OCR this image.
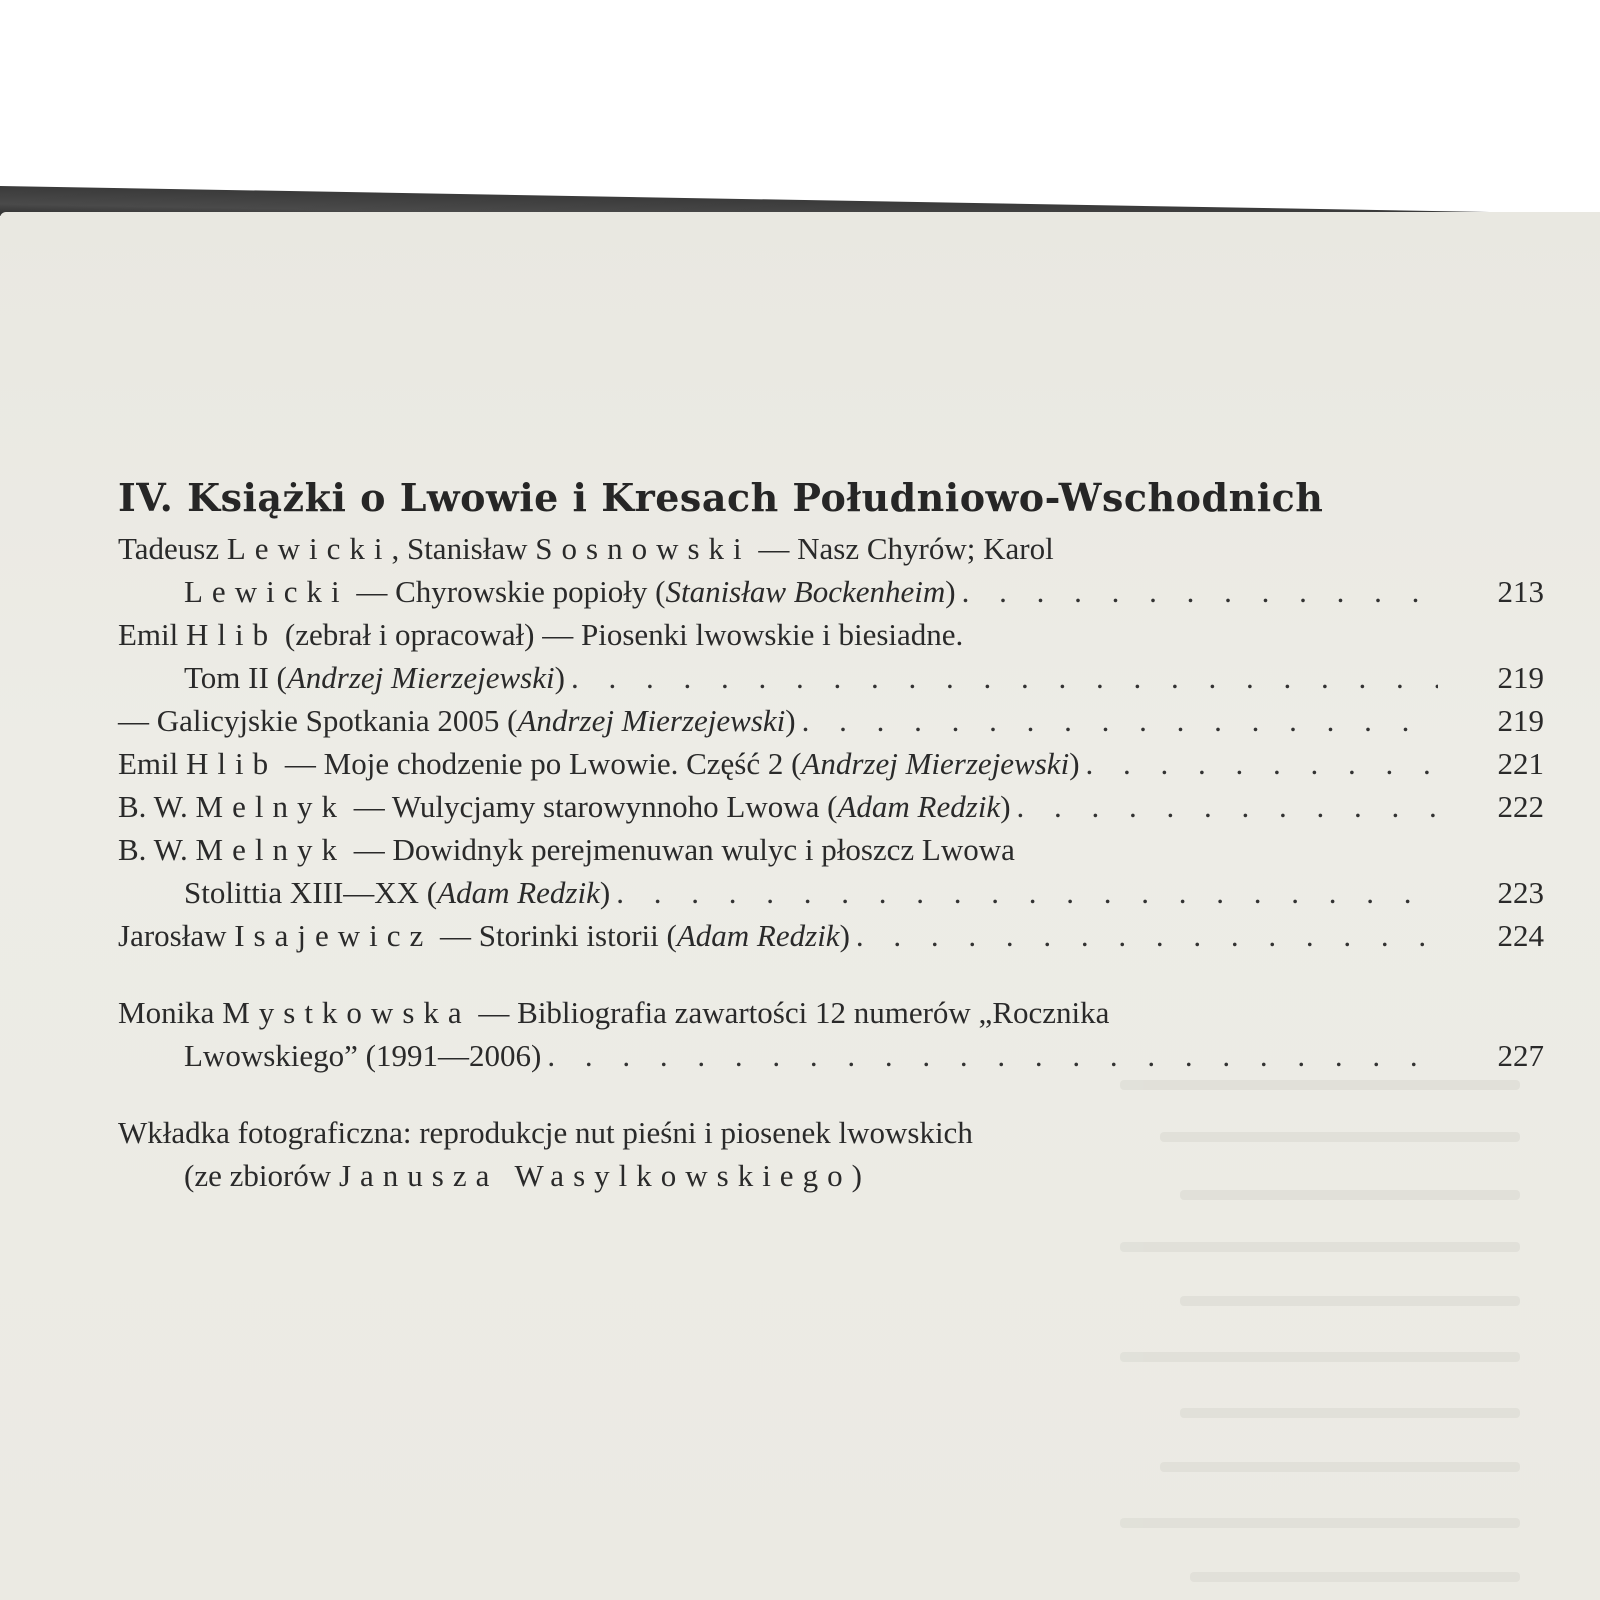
IV. Książki o Lwowie i Kresach Południowo-Wschodnich
Tadeusz Lewicki, Stanisław Sosnowski — Nasz Chyrów; Karol
Lewicki — Chyrowskie popioły (Stanisław Bockenheim) . . .	213
Emil Hlib (zebrał i opracował) — Piosenki lwowskie i biesiadne.
Tom II (Andrzej Mierzejewski) . . .	219
— Galicyjskie Spotkania 2005 (Andrzej Mierzejewski) . . .	219
Emil Hlib — Moje chodzenie po Lwowie. Część 2 (Andrzej Mierzejewski) . . .	221
B. W. Melnyk — Wulycjamy starowynnoho Lwowa (Adam Redzik) . . .	222
B. W. Melnyk — Dowidnyk perejmenuwan wulyc i płoszcz Lwowa
Stolittia XIII—XX (Adam Redzik) . . .	223
Jarosław Isajewicz — Storinki istorii (Adam Redzik) . . .	224
Monika Mystkowska — Bibliografia zawartości 12 numerów „Rocznika
Lwowskiego” (1991—2006) . . .	227
Wkładka fotograficzna: reprodukcje nut pieśni i piosenek lwowskich
(ze zbiorów Janusza Wasylkowskiego)
